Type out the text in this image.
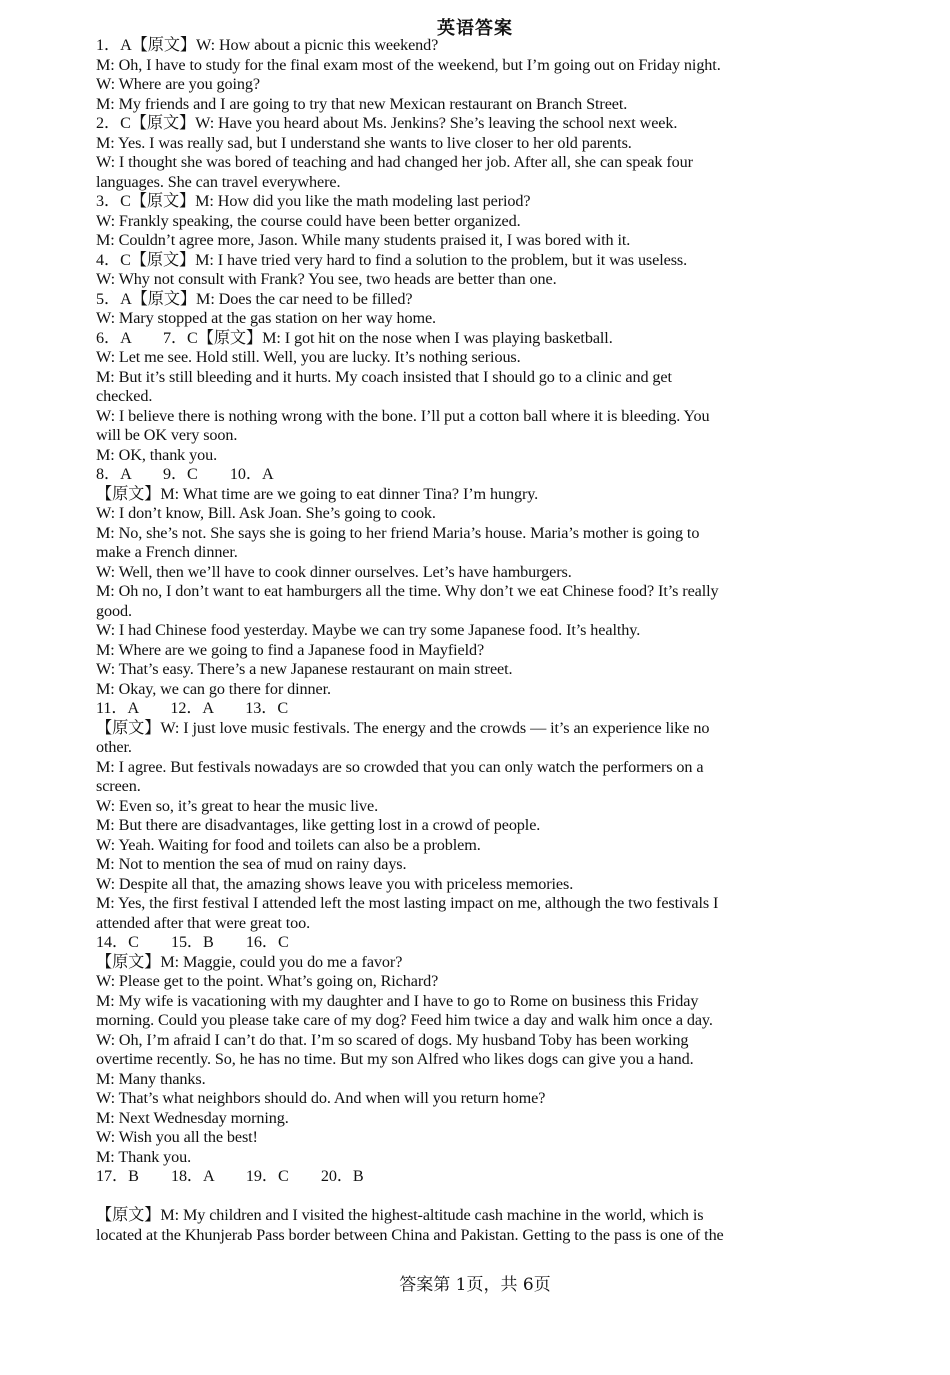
英语答案
1．A【原文】W: How about a picnic this weekend?
M: Oh, I have to study for the final exam most of the weekend, but I’m going out on Friday night.
W: Where are you going?
M: My friends and I are going to try that new Mexican restaurant on Branch Street.
2．C【原文】W: Have you heard about Ms. Jenkins? She’s leaving the school next week.
M: Yes. I was really sad, but I understand she wants to live closer to her old parents.
W: I thought she was bored of teaching and had changed her job. After all, she can speak four
languages. She can travel everywhere.
3．C【原文】M: How did you like the math modeling last period?
W: Frankly speaking, the course could have been better organized.
M: Couldn’t agree more, Jason. While many students praised it, I was bored with it.
4．C【原文】M: I have tried very hard to find a solution to the problem, but it was useless.
W: Why not consult with Frank? You see, two heads are better than one.
5．A【原文】M: Does the car need to be filled?
W: Mary stopped at the gas station on her way home.
6．A　　7．C【原文】M: I got hit on the nose when I was playing basketball.
W: Let me see. Hold still. Well, you are lucky. It’s nothing serious.
M: But it’s still bleeding and it hurts. My coach insisted that I should go to a clinic and get
checked.
W: I believe there is nothing wrong with the bone. I’ll put a cotton ball where it is bleeding. You
will be OK very soon.
M: OK, thank you.
8．A　　9．C　　10．A
【原文】M: What time are we going to eat dinner Tina? I’m hungry.
W: I don’t know, Bill. Ask Joan. She’s going to cook.
M: No, she’s not. She says she is going to her friend Maria’s house. Maria’s mother is going to
make a French dinner.
W: Well, then we’ll have to cook dinner ourselves. Let’s have hamburgers.
M: Oh no, I don’t want to eat hamburgers all the time. Why don’t we eat Chinese food? It’s really
good.
W: I had Chinese food yesterday. Maybe we can try some Japanese food. It’s healthy.
M: Where are we going to find a Japanese food in Mayfield?
W: That’s easy. There’s a new Japanese restaurant on main street.
M: Okay, we can go there for dinner.
11．A　　12．A　　13．C
【原文】W: I just love music festivals. The energy and the crowds — it’s an experience like no
other.
M: I agree. But festivals nowadays are so crowded that you can only watch the performers on a
screen.
W: Even so, it’s great to hear the music live.
M: But there are disadvantages, like getting lost in a crowd of people.
W: Yeah. Waiting for food and toilets can also be a problem.
M: Not to mention the sea of mud on rainy days.
W: Despite all that, the amazing shows leave you with priceless memories.
M: Yes, the first festival I attended left the most lasting impact on me, although the two festivals I
attended after that were great too.
14．C　　15．B　　16．C
【原文】M: Maggie, could you do me a favor?
W: Please get to the point. What’s going on, Richard?
M: My wife is vacationing with my daughter and I have to go to Rome on business this Friday
morning. Could you please take care of my dog? Feed him twice a day and walk him once a day.
W: Oh, I’m afraid I can’t do that. I’m so scared of dogs. My husband Toby has been working
overtime recently. So, he has no time. But my son Alfred who likes dogs can give you a hand.
M: Many thanks.
W: That’s what neighbors should do. And when will you return home?
M: Next Wednesday morning.
W: Wish you all the best!
M: Thank you.
17．B　　18．A　　19．C　　20．B
【原文】M: My children and I visited the highest-altitude cash machine in the world, which is
located at the Khunjerab Pass border between China and Pakistan. Getting to the pass is one of the
答案第 1页，共 6页
